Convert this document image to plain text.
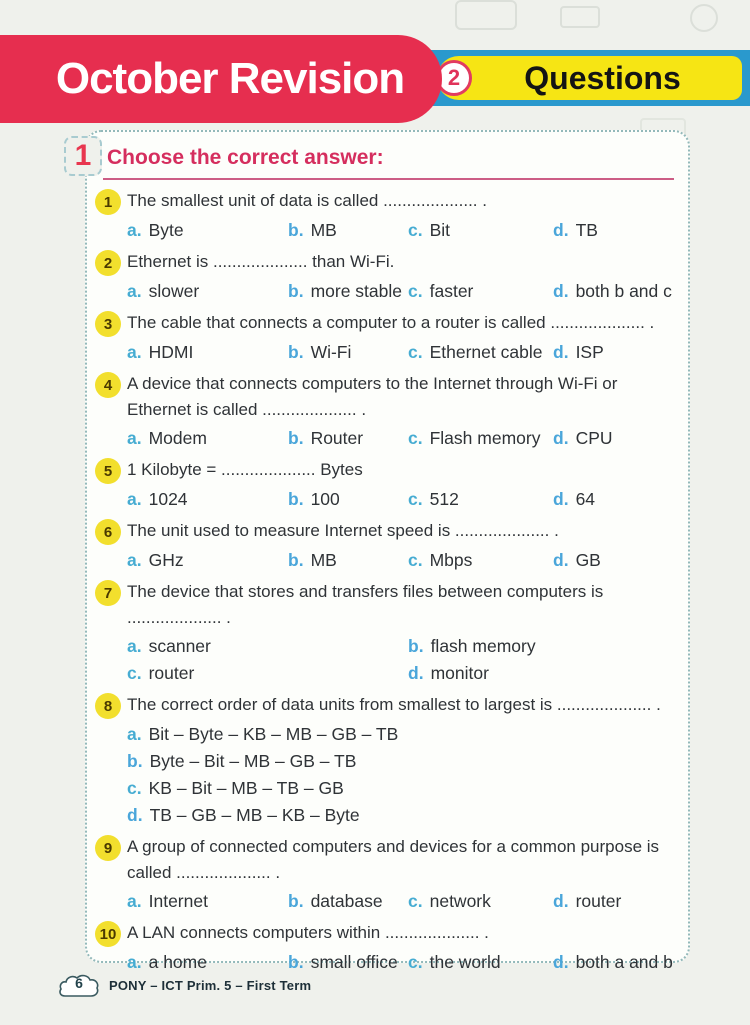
2 Questions
October Revision
1 Choose the correct answer:
1 The smallest unit of data is called .................... .
a. Byte	b. MB	c. Bit	d. TB
2 Ethernet is .................... than Wi-Fi.
a. slower	b. more stable c. faster	d. both b and c
3 The cable that connects a computer to a router is called .................... .
a. HDMI	b. Wi-Fi	c. Ethernet cable d. ISP
4 A device that connects computers to the Internet through Wi-Fi or Ethernet is called .................... .
a. Modem	b. Router	c. Flash memory d. CPU
5 1 Kilobyte = .................... Bytes
a. 1024	b. 100	c. 512	d. 64
6 The unit used to measure Internet speed is .................... .
a. GHz	b. MB	c. Mbps	d. GB
7 The device that stores and transfers files between computers is .................... .
a. scanner	b. flash memory
c. router	d. monitor
8 The correct order of data units from smallest to largest is .................... .
a. Bit – Byte – KB – MB – GB – TB
b. Byte – Bit – MB – GB – TB
c. KB – Bit – MB – TB – GB
d. TB – GB – MB – KB – Byte
9 A group of connected computers and devices for a common purpose is called .................... .
a. Internet	b. database	c. network	d. router
10 A LAN connects computers within .................... .
a. a home	b. small office c. the world	d. both a and b
6	PONY – ICT Prim. 5 – First Term
